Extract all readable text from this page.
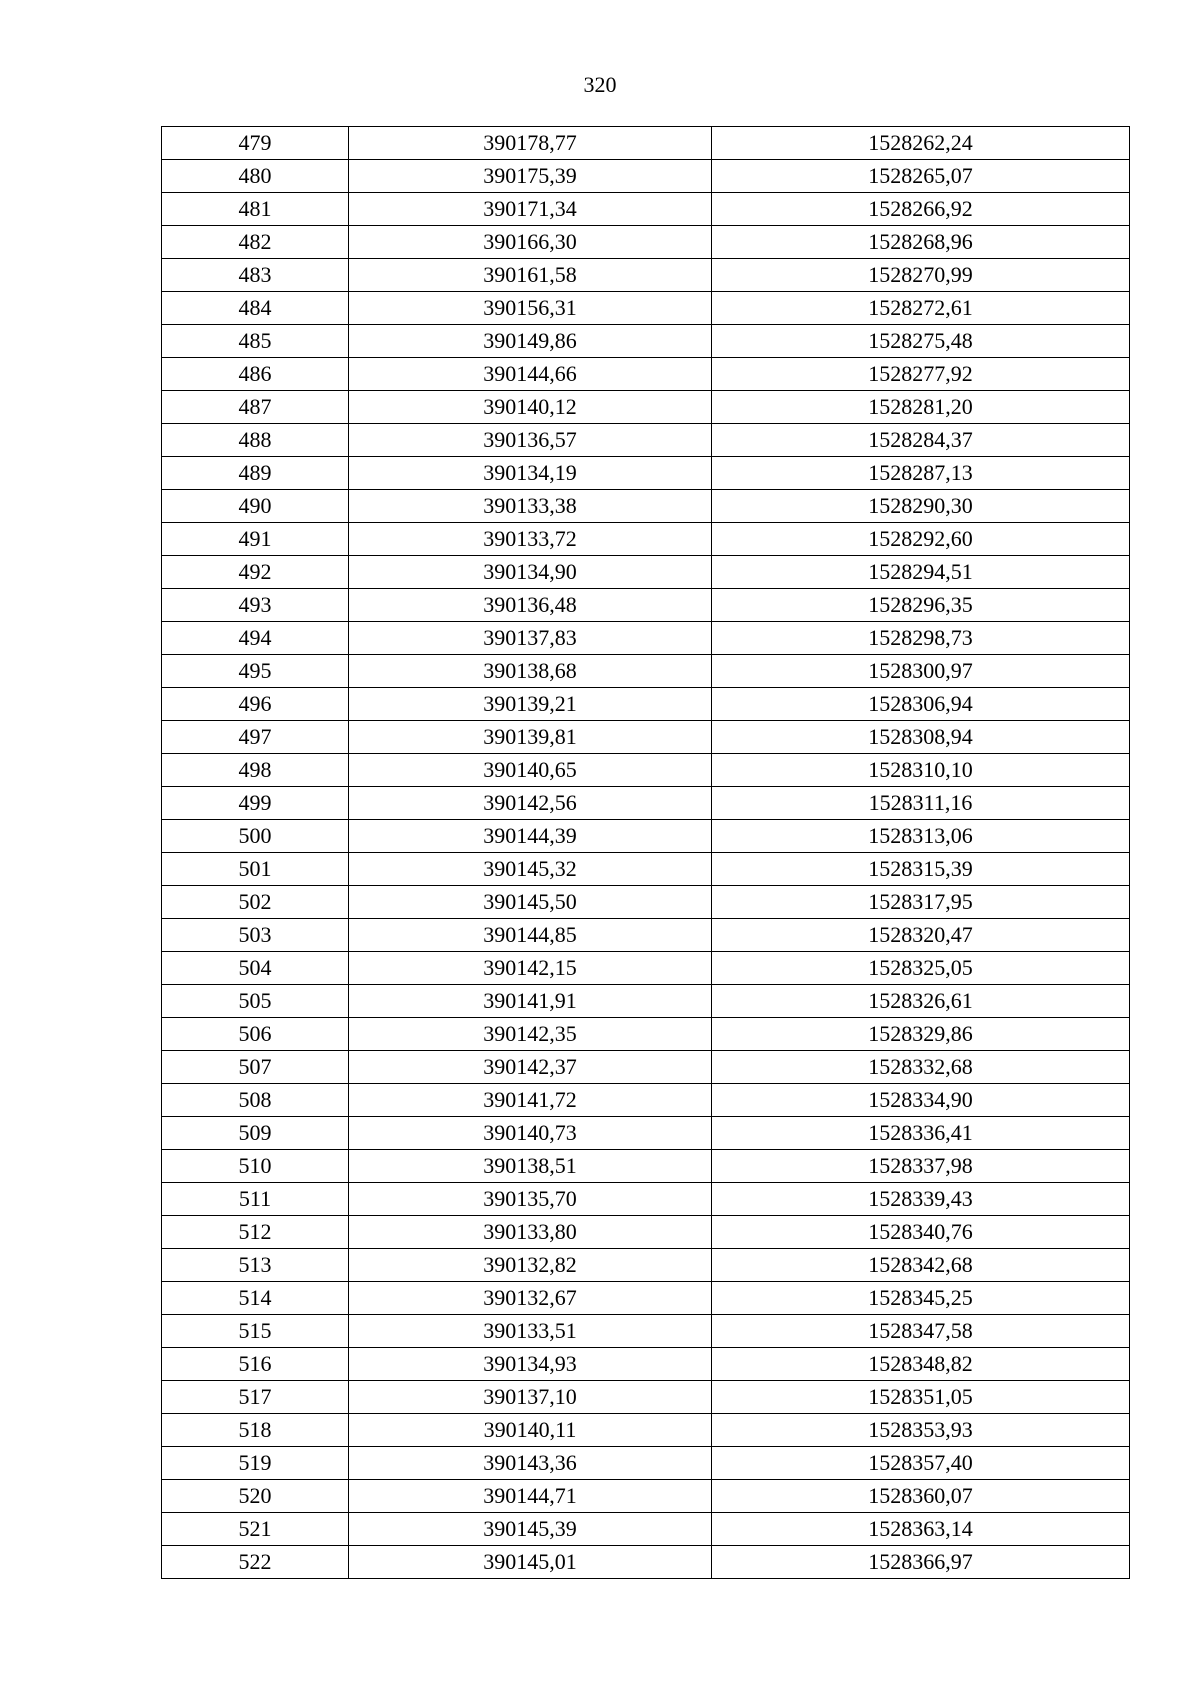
320
479	390178,77	1528262,24
480	390175,39	1528265,07
481	390171,34	1528266,92
482	390166,30	1528268,96
483	390161,58	1528270,99
484	390156,31	1528272,61
485	390149,86	1528275,48
486	390144,66	1528277,92
487	390140,12	1528281,20
488	390136,57	1528284,37
489	390134,19	1528287,13
490	390133,38	1528290,30
491	390133,72	1528292,60
492	390134,90	1528294,51
493	390136,48	1528296,35
494	390137,83	1528298,73
495	390138,68	1528300,97
496	390139,21	1528306,94
497	390139,81	1528308,94
498	390140,65	1528310,10
499	390142,56	1528311,16
500	390144,39	1528313,06
501	390145,32	1528315,39
502	390145,50	1528317,95
503	390144,85	1528320,47
504	390142,15	1528325,05
505	390141,91	1528326,61
506	390142,35	1528329,86
507	390142,37	1528332,68
508	390141,72	1528334,90
509	390140,73	1528336,41
510	390138,51	1528337,98
511	390135,70	1528339,43
512	390133,80	1528340,76
513	390132,82	1528342,68
514	390132,67	1528345,25
515	390133,51	1528347,58
516	390134,93	1528348,82
517	390137,10	1528351,05
518	390140,11	1528353,93
519	390143,36	1528357,40
520	390144,71	1528360,07
521	390145,39	1528363,14
522	390145,01	1528366,97
